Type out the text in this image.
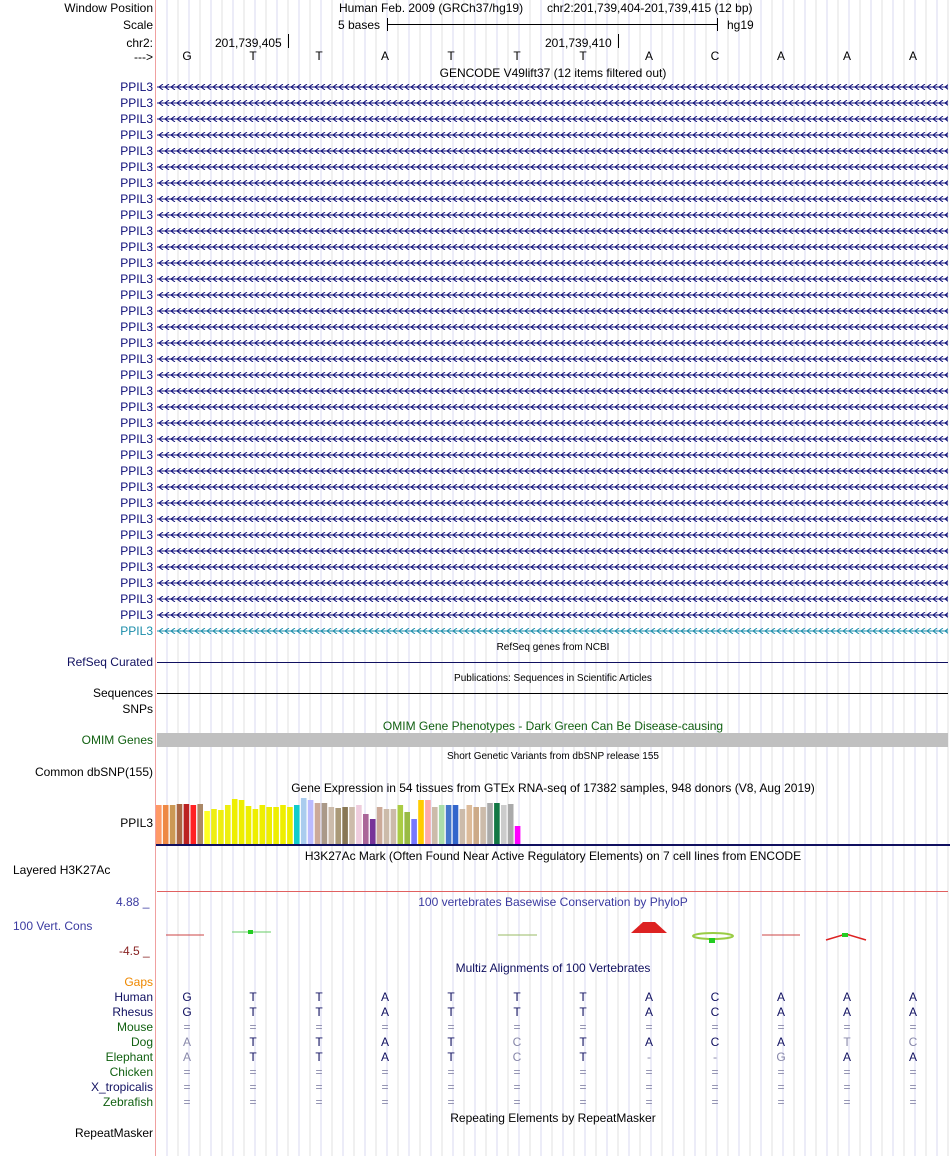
Window Position	Human Feb. 2009 (GRCh37/hg19) chr2:201,739,404-201,739,415 (12 bp)
Scale	5 bases	hg19
chr2:	201,739,405	201,739,410
---> G	T	T	A	T	T	T	A	C	A	A	A
GENCODE V49lift37 (12 items filtered out)
PPIL3
PPIL3
PPIL3
PPIL3
PPIL3
PPIL3
PPIL3
PPIL3
PPIL3
PPIL3
PPIL3
PPIL3
PPIL3
PPIL3
PPIL3
PPIL3
PPIL3
PPIL3
PPIL3
PPIL3
PPIL3
PPIL3
PPIL3
PPIL3
PPIL3
PPIL3
PPIL3
PPIL3
PPIL3
PPIL3
PPIL3
PPIL3
PPIL3
PPIL3
PPIL3
RefSeq genes from NCBI
RefSeq Curated
Publications: Sequences in Scientific Articles
Sequences
SNPs
OMIM Gene Phenotypes - Dark Green Can Be Disease-causing
OMIM Genes
Short Genetic Variants from dbSNP release 155
Common dbSNP(155)
Gene Expression in 54 tissues from GTEx RNA-seq of 17382 samples, 948 donors (V8, Aug 2019)
PPIL3
H3K27Ac Mark (Often Found Near Active Regulatory Elements) on 7 cell lines from ENCODE
Layered H3K27Ac
100 vertebrates Basewise Conservation by PhyloP
4.88 _
100 Vert. Cons
-4.5 _
Multiz Alignments of 100 Vertebrates
Gaps
Human G	T	T	A	T	T	T	A	C	A	A	A
Rhesus G	T	T	A	T	T	T	A	C	A	A	A
Mouse	=	=	=	=	=	=	=	=	=	=	=	=
Dog A	T	T	A	T	C	T	A	C	A	T	C
Elephant A	T	T	A	T	C	T	-	-	G	A	A
Chicken	=	=	=	=	=	=	=	=	=	=	=	=
X_tropicalis	=	=	=	=	=	=	=	=	=	=	=	=
Zebrafish	=	=	=	=	=	=	=	=	=	=	=	=
Repeating Elements by RepeatMasker
RepeatMasker
